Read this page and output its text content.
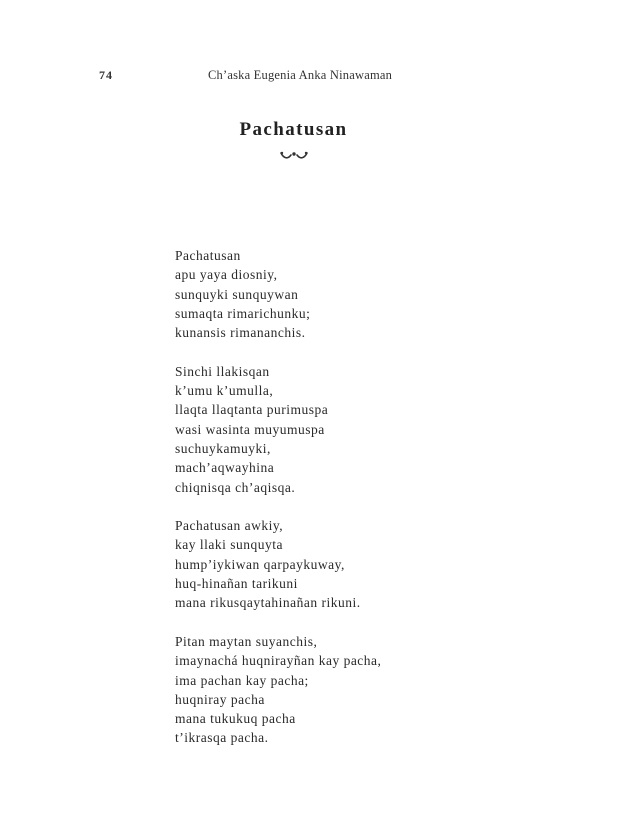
74	Ch’aska Eugenia Anka Ninawaman
Pachatusan
Pachatusan
apu yaya diosniy,
sunquyki sunquywan
sumaqta rimarichunku;
kunansis rimananchis.
Sinchi llakisqan
k’umu k’umulla,
llaqta llaqtanta purimuspa
wasi wasinta muyumuspa
suchuykamuyki,
mach’aqwayhina
chiqnisqa ch’aqisqa.
Pachatusan awkiy,
kay llaki sunquyta
hump’iykiwan qarpaykuway,
huq-hinañan tarikuni
mana rikusqaytahinañan rikuni.
Pitan maytan suyanchis,
imaynachá huqnirayñan kay pacha,
ima pachan kay pacha;
huqniray pacha
mana tukukuq pacha
t’ikrasqa pacha.
